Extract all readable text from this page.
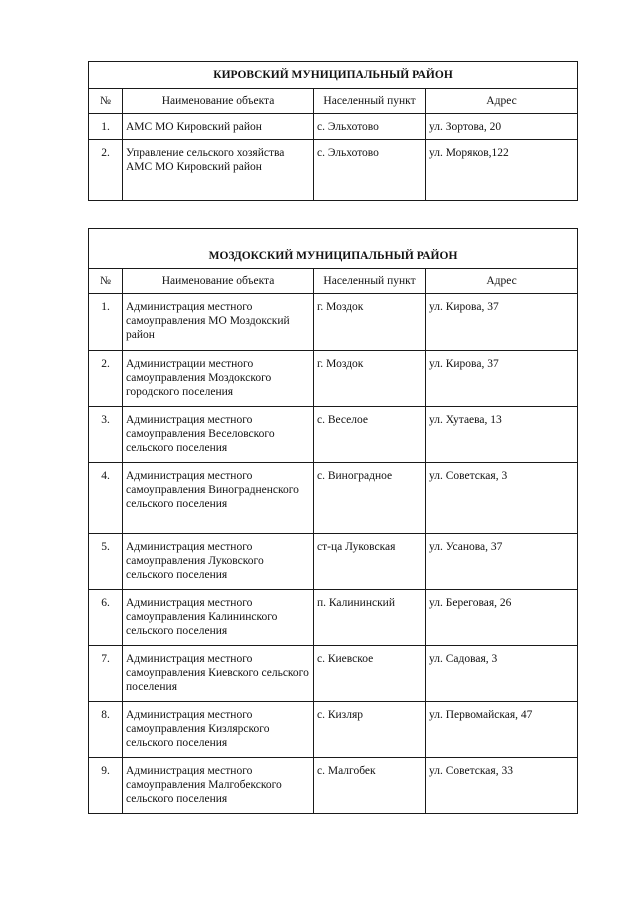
КИРОВСКИЙ МУНИЦИПАЛЬНЫЙ РАЙОН			
№	Наименование объекта	Населенный пункт	Адрес
1.	АМС МО Кировский район	с. Эльхотово	ул. Зортова, 20
2.	Управление сельского хозяйства АМС МО Кировский район	с. Эльхотово	ул. Моряков,122
МОЗДОКСКИЙ МУНИЦИПАЛЬНЫЙ РАЙОН			
№	Наименование объекта	Населенный пункт	Адрес
1.	Администрация местного самоуправления МО Моздокский район	г. Моздок	ул. Кирова, 37
2.	Администрации местного самоуправления Моздокского городского поселения	г. Моздок	ул. Кирова, 37
3.	Администрация местного самоуправления Веселовского сельского поселения	с. Веселое	ул. Хутаева, 13
4.	Администрация местного самоуправления Виноградненского сельского поселения	с. Виноградное	ул. Советская, 3
5.	Администрация местного самоуправления Луковского сельского поселения	ст-ца Луковская	ул. Усанова, 37
6.	Администрация местного самоуправления Калининского сельского поселения	п. Калининский	ул. Береговая, 26
7.	Администрация местного самоуправления Киевского сельского поселения	с. Киевское	ул. Садовая, 3
8.	Администрация местного самоуправления Кизлярского сельского поселения	с. Кизляр	ул. Первомайская, 47
9.	Администрация местного самоуправления Малгобекского сельского поселения	с. Малгобек	ул. Советская, 33
